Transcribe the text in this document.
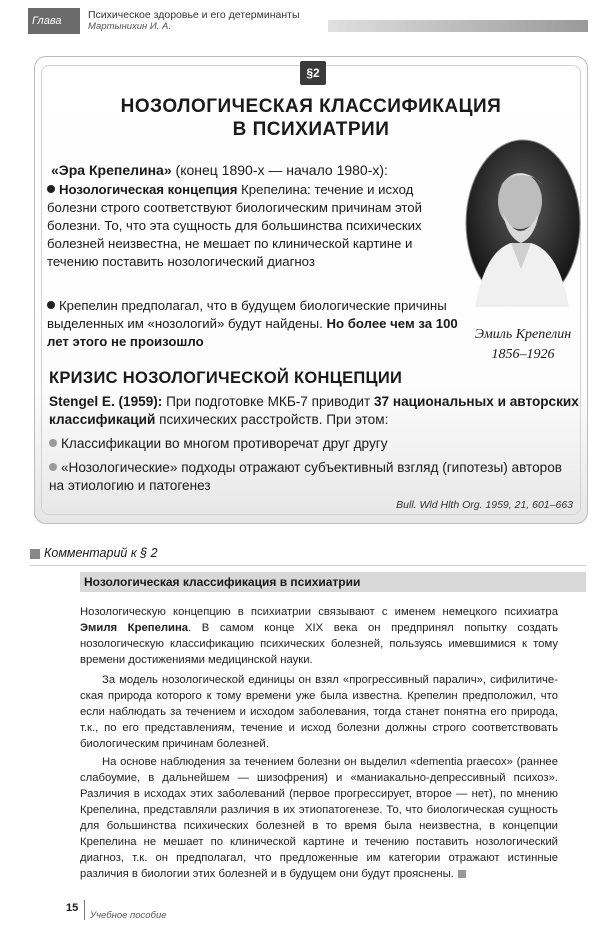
Глава 24
Психическое здоровье и его детерминанты
Мартынихин И. А.
§2
НОЗОЛОГИЧЕСКАЯ КЛАССИФИКАЦИЯ
В ПСИХИАТРИИ
«Эра Крепелина» (конец 1890-х — начало 1980-х):
Нозологическая концепция Крепелина: течение и исход болезни строго соответствуют биологическим причинам этой болезни. То, что эта сущность для большинства психических болезней неизвестна, не мешает по клинической картине и течению поставить нозологический диагноз
Крепелин предполагал, что в будущем биологические причины выделенных им «нозологий» будут найдены. Но более чем за 100 лет этого не произошло	Эмиль Крепелин
1856–1926
КРИЗИС НОЗОЛОГИЧЕСКОЙ КОНЦЕПЦИИ
Stengel E. (1959): При подготовке МКБ-7 приводит 37 национальных и авторских классификаций психических расстройств. При этом:
Классификации во многом противоречат друг другу
«Нозологические» подходы отражают субъективный взгляд (гипотезы) авторов на этиологию и патогенез
Bull. Wld Hlth Org. 1959, 21, 601–663
Комментарий к § 2
Нозологическая классификация в психиатрии
Нозологическую концепцию в психиатрии связывают с именем немецкого психиатра Эмиля Крепелина. В самом конце XIX века он предпринял попытку создать нозологическую классификацию психических болезней, пользуясь имевшимися к тому времени достижениями медицинской науки.
За модель нозологической единицы он взял «прогрессивный паралич», сифилитическая природа которого к тому времени уже была известна. Крепелин предположил, что если наблюдать за течением и исходом заболевания, тогда станет понятна его природа, т.к., по его представлениям, течение и исход болезни должны строго соответствовать биологическим причинам болезней.
На основе наблюдения за течением болезни он выделил «dementia praecox» (раннее слабоумие, в дальнейшем — шизофрения) и «маниакально-депрессивный психоз». Различия в исходах этих заболеваний (первое прогрессирует, второе — нет), по мнению Крепелина, представляли различия в их этиопатогенезе. То, что биологическая сущность для большинства психических болезней в то время была неизвестна, в концепции Крепелина не мешает по клинической картине и течению поставить нозологический диагноз, т.к. он предполагал, что предложенные им категории отражают истинные различия в биологии этих болезней и в будущем они будут прояснены.
15
Учебное пособие
